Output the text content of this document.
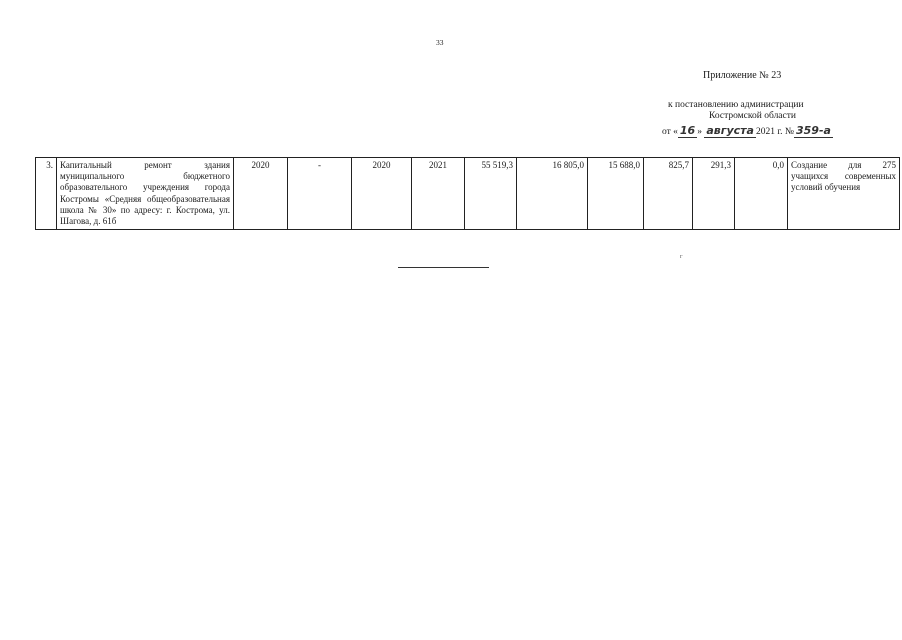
33
Приложение № 23
к постановлению администрации
Костромской области
от « 16 » августа 2021 г. № 359-а
3.	Капитальный ремонт здания муниципального бюджетного образовательного учреждения города Костромы «Средняя общеобразовательная школа № 30» по адресу: г. Кострома, ул. Шагова, д. 61б	2020	-	2020	2021	55 519,3	16 805,0	15 688,0	825,7	291,3	0,0	Создание для 275 учащихся современных условий обучения
г
